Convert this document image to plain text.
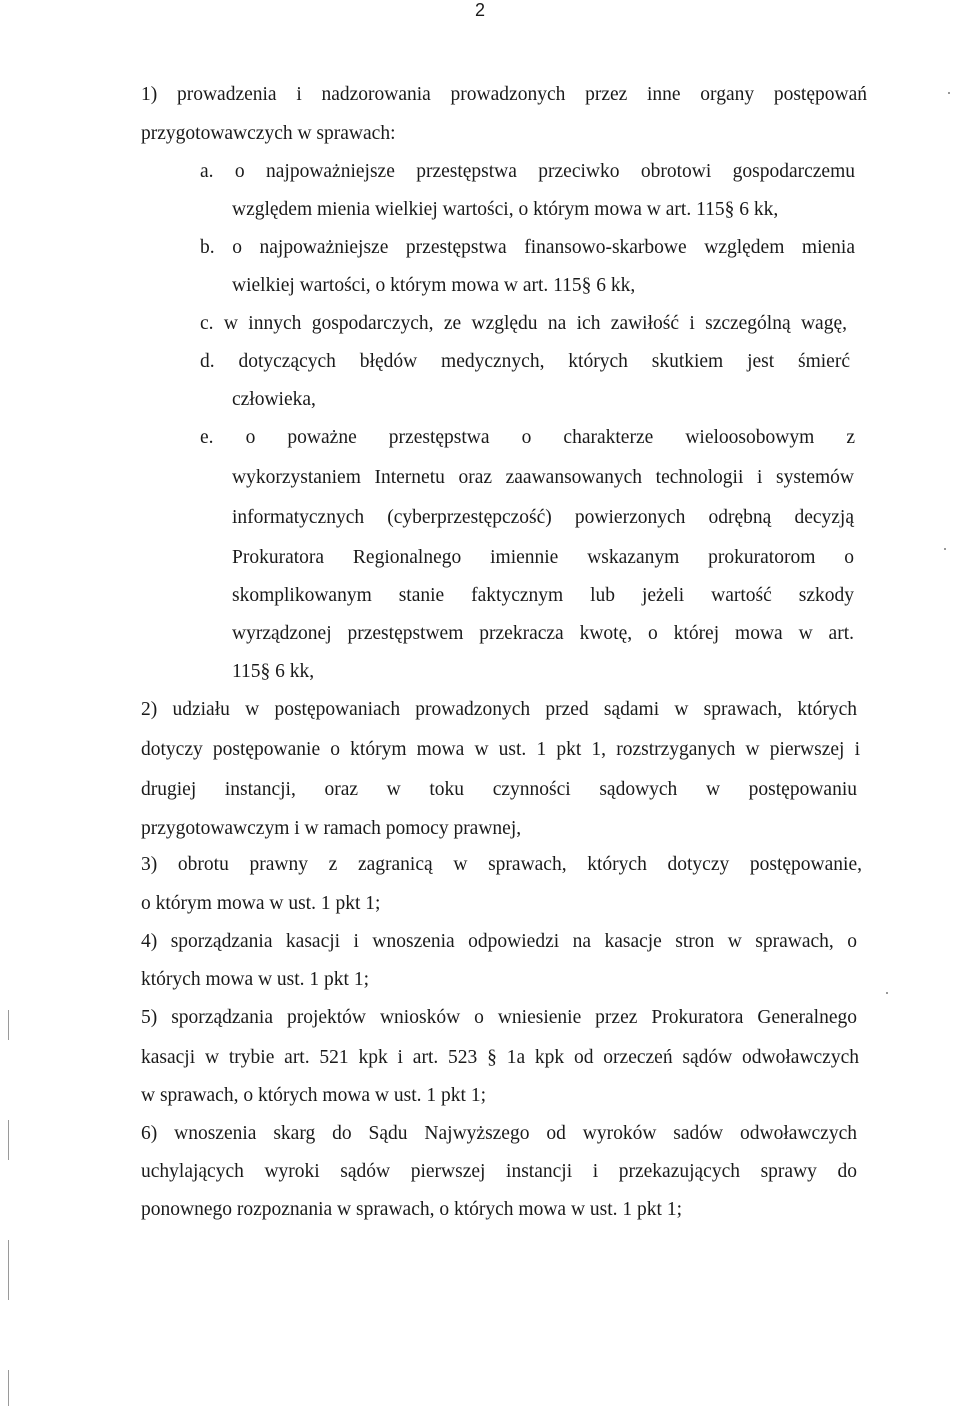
2
1) prowadzenia i nadzorowania prowadzonych przez inne organy postępowań
przygotowawczych w sprawach:
a. o najpoważniejsze przestępstwa przeciwko obrotowi gospodarczemu
względem mienia wielkiej wartości, o którym mowa w art. 115§ 6 kk,
b. o najpoważniejsze przestępstwa finansowo-skarbowe względem mienia
wielkiej wartości, o którym mowa w art. 115§ 6 kk,
c. w innych gospodarczych, ze względu na ich zawiłość i szczególną wagę,
d. dotyczących błędów medycznych, których skutkiem jest śmierć
człowieka,
e. o poważne przestępstwa o charakterze wieloosobowym z
wykorzystaniem Internetu oraz zaawansowanych technologii i systemów
informatycznych (cyberprzestępczość) powierzonych odrębną decyzją
Prokuratora Regionalnego imiennie wskazanym prokuratorom o
skomplikowanym stanie faktycznym lub jeżeli wartość szkody
wyrządzonej przestępstwem przekracza kwotę, o której mowa w art.
115§ 6 kk,
2) udziału w postępowaniach prowadzonych przed sądami w sprawach, których
dotyczy postępowanie o którym mowa w ust. 1 pkt 1, rozstrzyganych w pierwszej i
drugiej instancji, oraz w toku czynności sądowych w postępowaniu
przygotowawczym i w ramach pomocy prawnej,
3) obrotu prawny z zagranicą w sprawach, których dotyczy postępowanie,
o którym mowa w ust. 1 pkt 1;
4) sporządzania kasacji i wnoszenia odpowiedzi na kasacje stron w sprawach, o
których mowa w ust. 1 pkt 1;
5) sporządzania projektów wniosków o wniesienie przez Prokuratora Generalnego
kasacji w trybie art. 521 kpk i art. 523 § 1a kpk od orzeczeń sądów odwoławczych
w sprawach, o których mowa w ust. 1 pkt 1;
6) wnoszenia skarg do Sądu Najwyższego od wyroków sadów odwoławczych
uchylających wyroki sądów pierwszej instancji i przekazujących sprawy do
ponownego rozpoznania w sprawach, o których mowa w ust. 1 pkt 1;
